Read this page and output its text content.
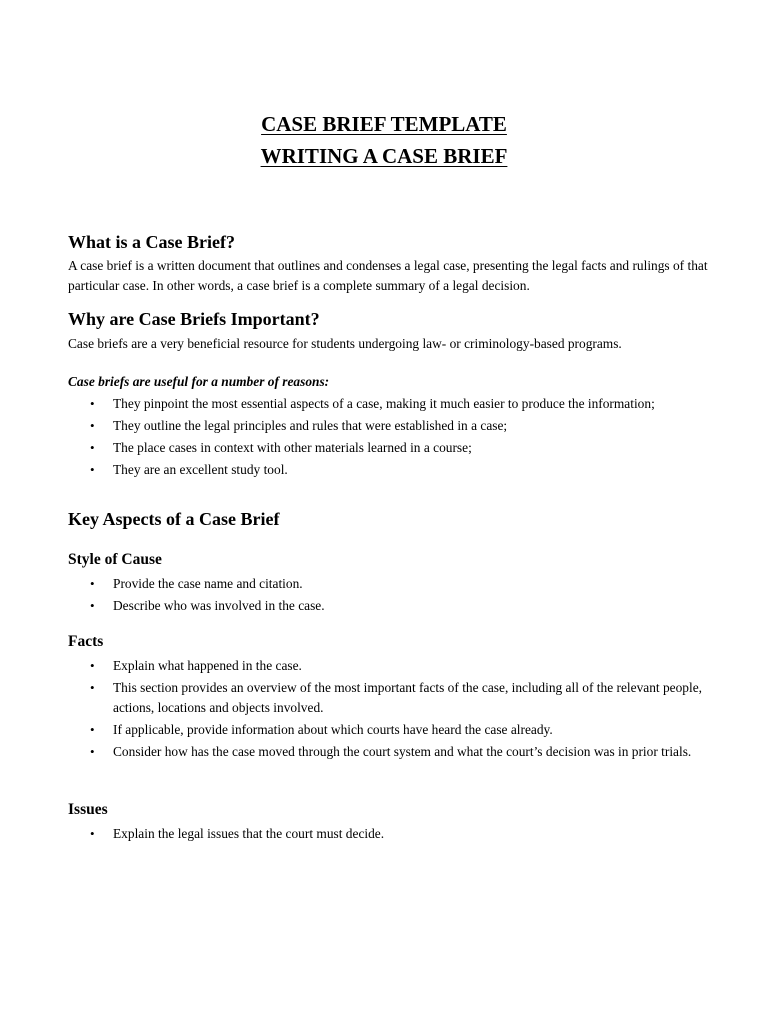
CASE BRIEF TEMPLATE

WRITING A CASE BRIEF

What is a Case Brief?

A case brief is a written document that outlines and condenses a legal case, presenting the legal facts and rulings of that particular case. In other words, a case brief is a complete summary of a legal decision.

Why are Case Briefs Important?

Case briefs are a very beneficial resource for students undergoing law- or criminology-based programs.

Case briefs are useful for a number of reasons:

• They pinpoint the most essential aspects of a case, making it much easier to produce the information;
• They outline the legal principles and rules that were established in a case;
• The place cases in context with other materials learned in a course;
• They are an excellent study tool.
Key Aspects of a Case Brief
Style of Cause
• Provide the case name and citation.
• Describe who was involved in the case.
Facts
• Explain what happened in the case.
• This section provides an overview of the most important facts of the case, including all of the relevant people, actions, locations and objects involved.
• If applicable, provide information about which courts have heard the case already.
• Consider how has the case moved through the court system and what the court’s decision was in prior trials.
Issues
• Explain the legal issues that the court must decide.
